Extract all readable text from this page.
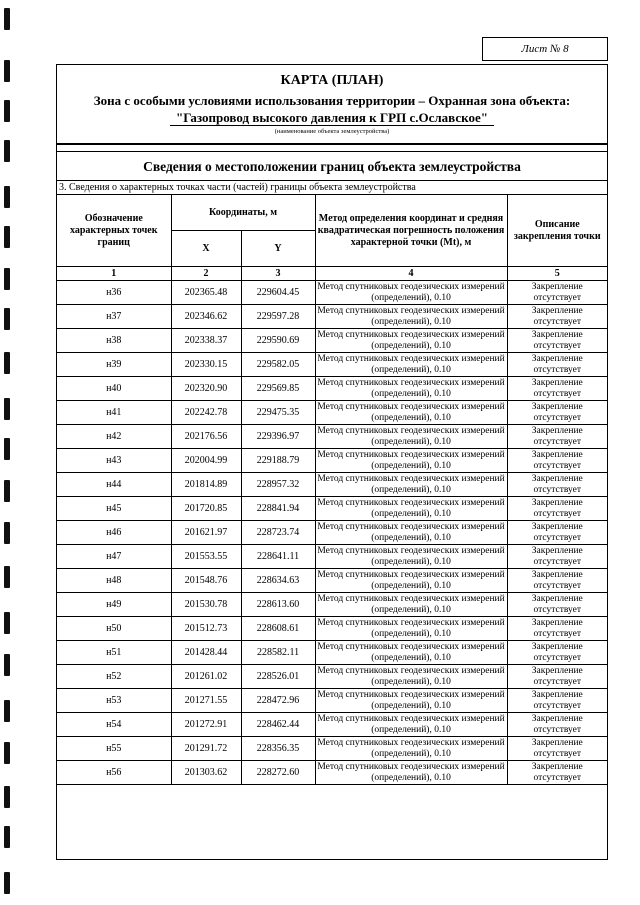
Лист № 8
КАРТА (ПЛАН)
Зона с особыми условиями использования территории – Охранная зона объекта:
"Газопровод высокого давления к ГРП с.Ославское"
(наименование объекта землеустройства)
Сведения о местоположении границ объекта землеустройства
3. Сведения о характерных точках части (частей) границы объекта землеустройства
Обозначение характерных точек границ	Координаты, м		Метод определения координат и средняя квадратическая погрешность положения характерной точки (Mt), м	Описание закрепления точки
	X	Y		
1	2	3	4	5
н36	202365.48	229604.45	Метод спутниковых геодезических измерений (определений), 0.10	Закрепление отсутствует
н37	202346.62	229597.28	Метод спутниковых геодезических измерений (определений), 0.10	Закрепление отсутствует
н38	202338.37	229590.69	Метод спутниковых геодезических измерений (определений), 0.10	Закрепление отсутствует
н39	202330.15	229582.05	Метод спутниковых геодезических измерений (определений), 0.10	Закрепление отсутствует
н40	202320.90	229569.85	Метод спутниковых геодезических измерений (определений), 0.10	Закрепление отсутствует
н41	202242.78	229475.35	Метод спутниковых геодезических измерений (определений), 0.10	Закрепление отсутствует
н42	202176.56	229396.97	Метод спутниковых геодезических измерений (определений), 0.10	Закрепление отсутствует
н43	202004.99	229188.79	Метод спутниковых геодезических измерений (определений), 0.10	Закрепление отсутствует
н44	201814.89	228957.32	Метод спутниковых геодезических измерений (определений), 0.10	Закрепление отсутствует
н45	201720.85	228841.94	Метод спутниковых геодезических измерений (определений), 0.10	Закрепление отсутствует
н46	201621.97	228723.74	Метод спутниковых геодезических измерений (определений), 0.10	Закрепление отсутствует
н47	201553.55	228641.11	Метод спутниковых геодезических измерений (определений), 0.10	Закрепление отсутствует
н48	201548.76	228634.63	Метод спутниковых геодезических измерений (определений), 0.10	Закрепление отсутствует
н49	201530.78	228613.60	Метод спутниковых геодезических измерений (определений), 0.10	Закрепление отсутствует
н50	201512.73	228608.61	Метод спутниковых геодезических измерений (определений), 0.10	Закрепление отсутствует
н51	201428.44	228582.11	Метод спутниковых геодезических измерений (определений), 0.10	Закрепление отсутствует
н52	201261.02	228526.01	Метод спутниковых геодезических измерений (определений), 0.10	Закрепление отсутствует
н53	201271.55	228472.96	Метод спутниковых геодезических измерений (определений), 0.10	Закрепление отсутствует
н54	201272.91	228462.44	Метод спутниковых геодезических измерений (определений), 0.10	Закрепление отсутствует
н55	201291.72	228356.35	Метод спутниковых геодезических измерений (определений), 0.10	Закрепление отсутствует
н56	201303.62	228272.60	Метод спутниковых геодезических измерений (определений), 0.10	Закрепление отсутствует
